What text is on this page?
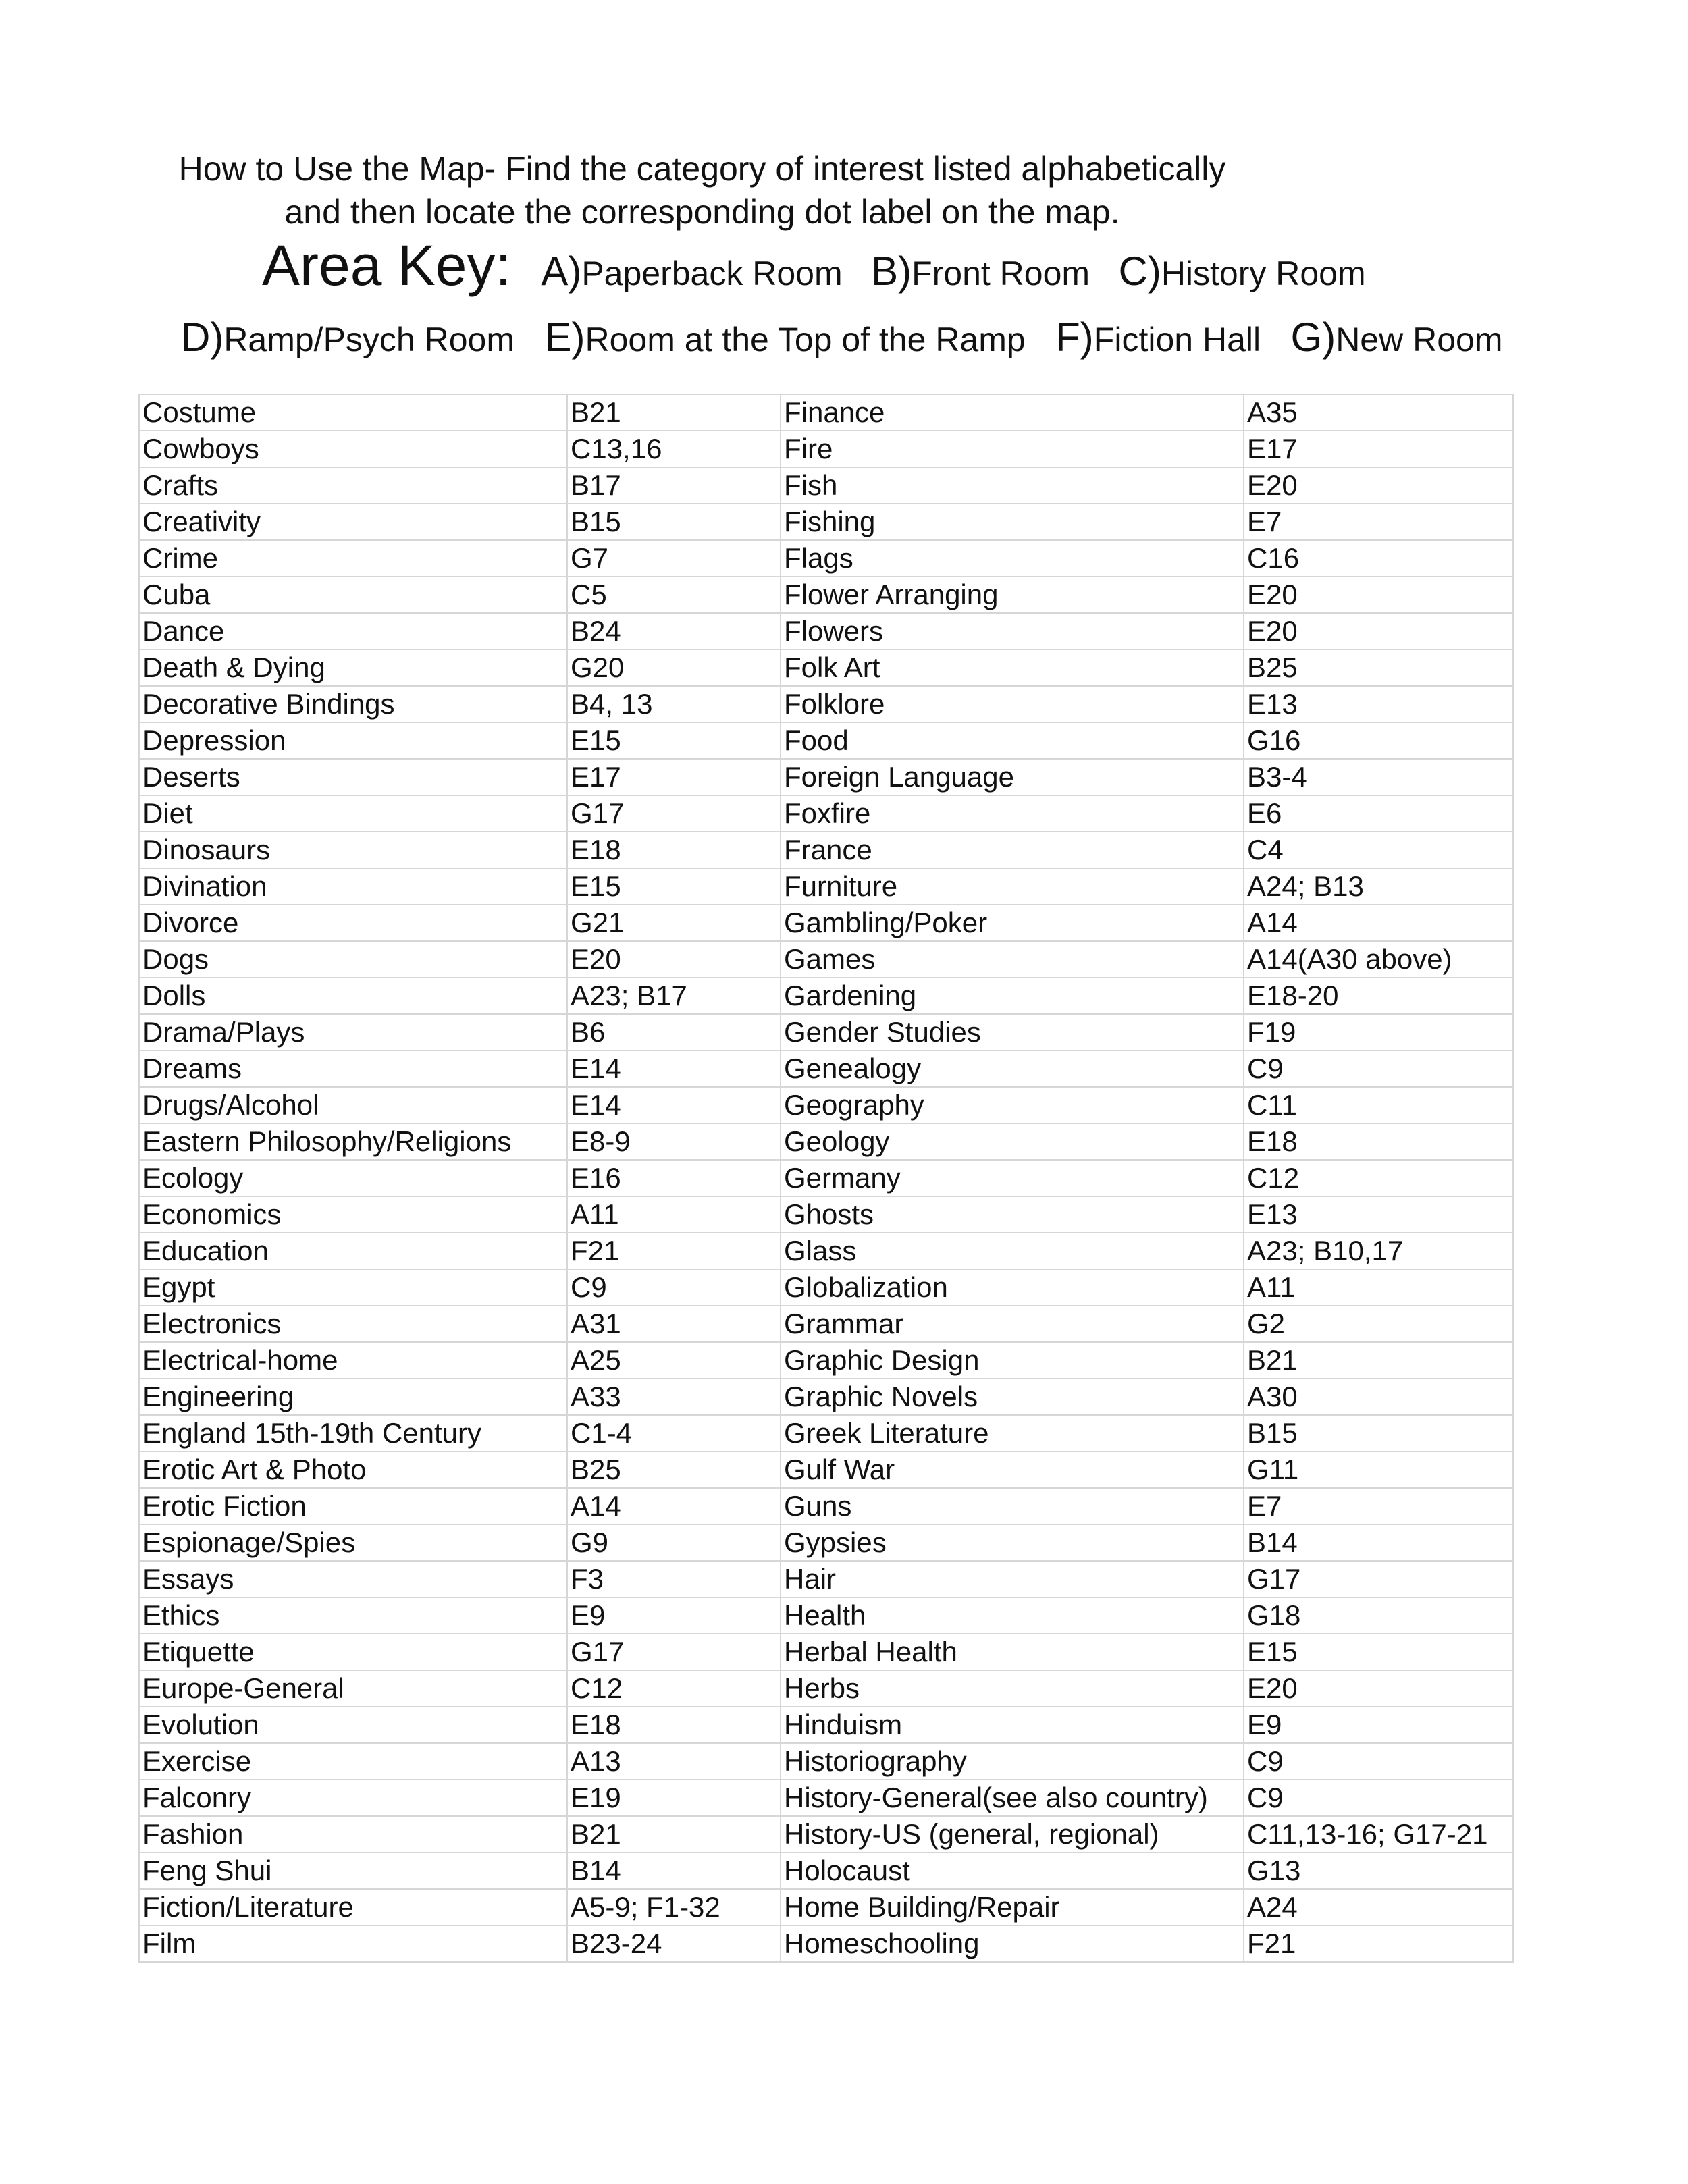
How to Use the Map- Find the category of interest listed alphabetically
and then locate the corresponding dot label on the map.
Area Key: A)Paperback Room B)Front Room C)History Room
D)Ramp/Psych Room E)Room at the Top of the Ramp F)Fiction Hall G)New Room
Costume	B21	Finance	A35
Cowboys	C13,16	Fire	E17
Crafts	B17	Fish	E20
Creativity	B15	Fishing	E7
Crime	G7	Flags	C16
Cuba	C5	Flower Arranging	E20
Dance	B24	Flowers	E20
Death & Dying	G20	Folk Art	B25
Decorative Bindings	B4, 13	Folklore	E13
Depression	E15	Food	G16
Deserts	E17	Foreign Language	B3-4
Diet	G17	Foxfire	E6
Dinosaurs	E18	France	C4
Divination	E15	Furniture	A24; B13
Divorce	G21	Gambling/Poker	A14
Dogs	E20	Games	A14(A30 above)
Dolls	A23; B17	Gardening	E18-20
Drama/Plays	B6	Gender Studies	F19
Dreams	E14	Genealogy	C9
Drugs/Alcohol	E14	Geography	C11
Eastern Philosophy/Religions	E8-9	Geology	E18
Ecology	E16	Germany	C12
Economics	A11	Ghosts	E13
Education	F21	Glass	A23; B10,17
Egypt	C9	Globalization	A11
Electronics	A31	Grammar	G2
Electrical-home	A25	Graphic Design	B21
Engineering	A33	Graphic Novels	A30
England 15th-19th Century	C1-4	Greek Literature	B15
Erotic Art & Photo	B25	Gulf War	G11
Erotic Fiction	A14	Guns	E7
Espionage/Spies	G9	Gypsies	B14
Essays	F3	Hair	G17
Ethics	E9	Health	G18
Etiquette	G17	Herbal Health	E15
Europe-General	C12	Herbs	E20
Evolution	E18	Hinduism	E9
Exercise	A13	Historiography	C9
Falconry	E19	History-General(see also country)	C9
Fashion	B21	History-US (general, regional)	C11,13-16; G17-21
Feng Shui	B14	Holocaust	G13
Fiction/Literature	A5-9; F1-32	Home Building/Repair	A24
Film	B23-24	Homeschooling	F21
